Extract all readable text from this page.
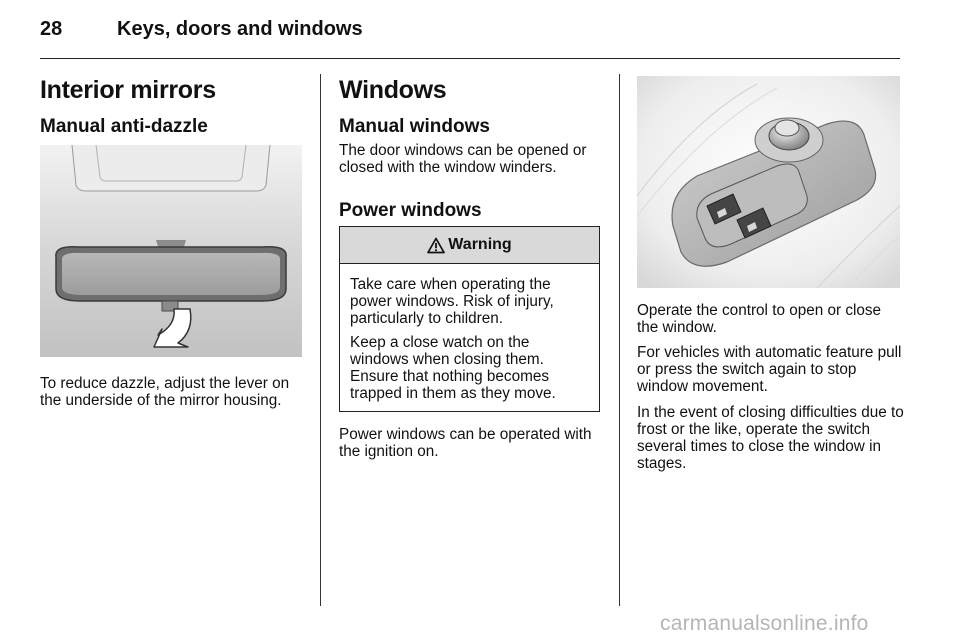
28	Keys, doors and windows
Interior mirrors
Manual anti-dazzle

To reduce dazzle, adjust the lever on the underside of the mirror housing.

Windows
Manual windows

The door windows can be opened or closed with the window winders.

Power windows
Warning

Take care when operating the power windows. Risk of injury, particularly to children.

Keep a close watch on the windows when closing them. Ensure that nothing becomes trapped in them as they move.

Power windows can be operated with the ignition on.

Operate the control to open or close the window.

For vehicles with automatic feature pull or press the switch again to stop window movement.

In the event of closing difficulties due to frost or the like, operate the switch several times to close the window in stages.

carmanualsonline.info
